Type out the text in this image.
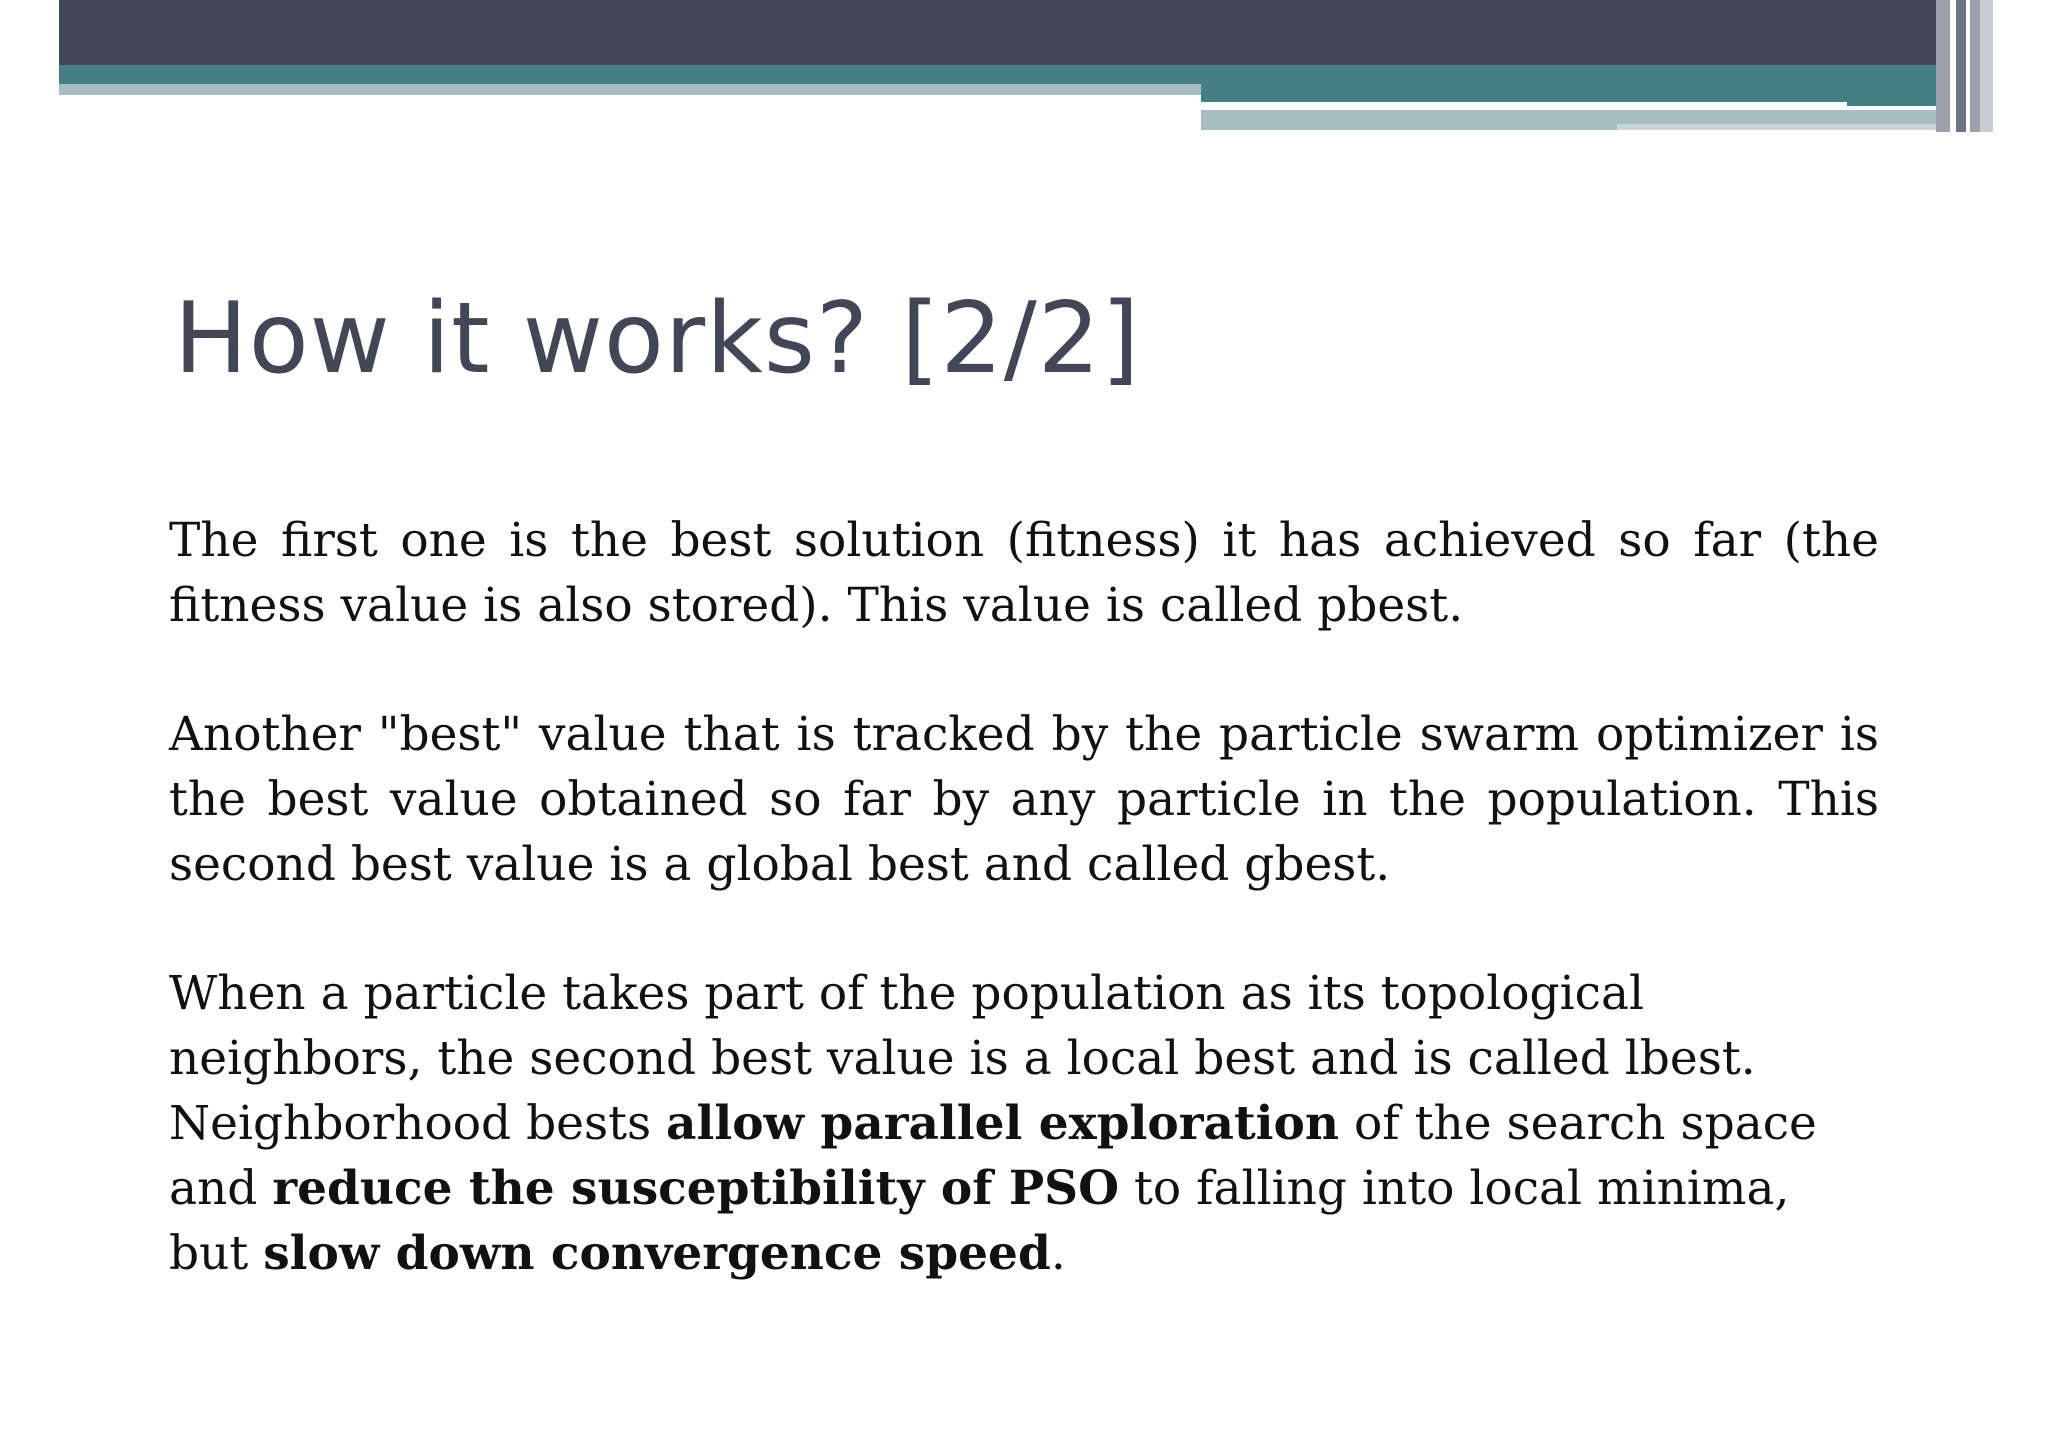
How it works? [2/2]

The first one is the best solution (fitness) it has achieved so far (the fitness value is also stored). This value is called pbest.

Another "best" value that is tracked by the particle swarm optimizer is the best value obtained so far by any particle in the population. This second best value is a global best and called gbest.

When a particle takes part of the population as its topological neighbors, the second best value is a local best and is called lbest. Neighborhood bests allow parallel exploration of the search space and reduce the susceptibility of PSO to falling into local minima, but slow down convergence speed.
